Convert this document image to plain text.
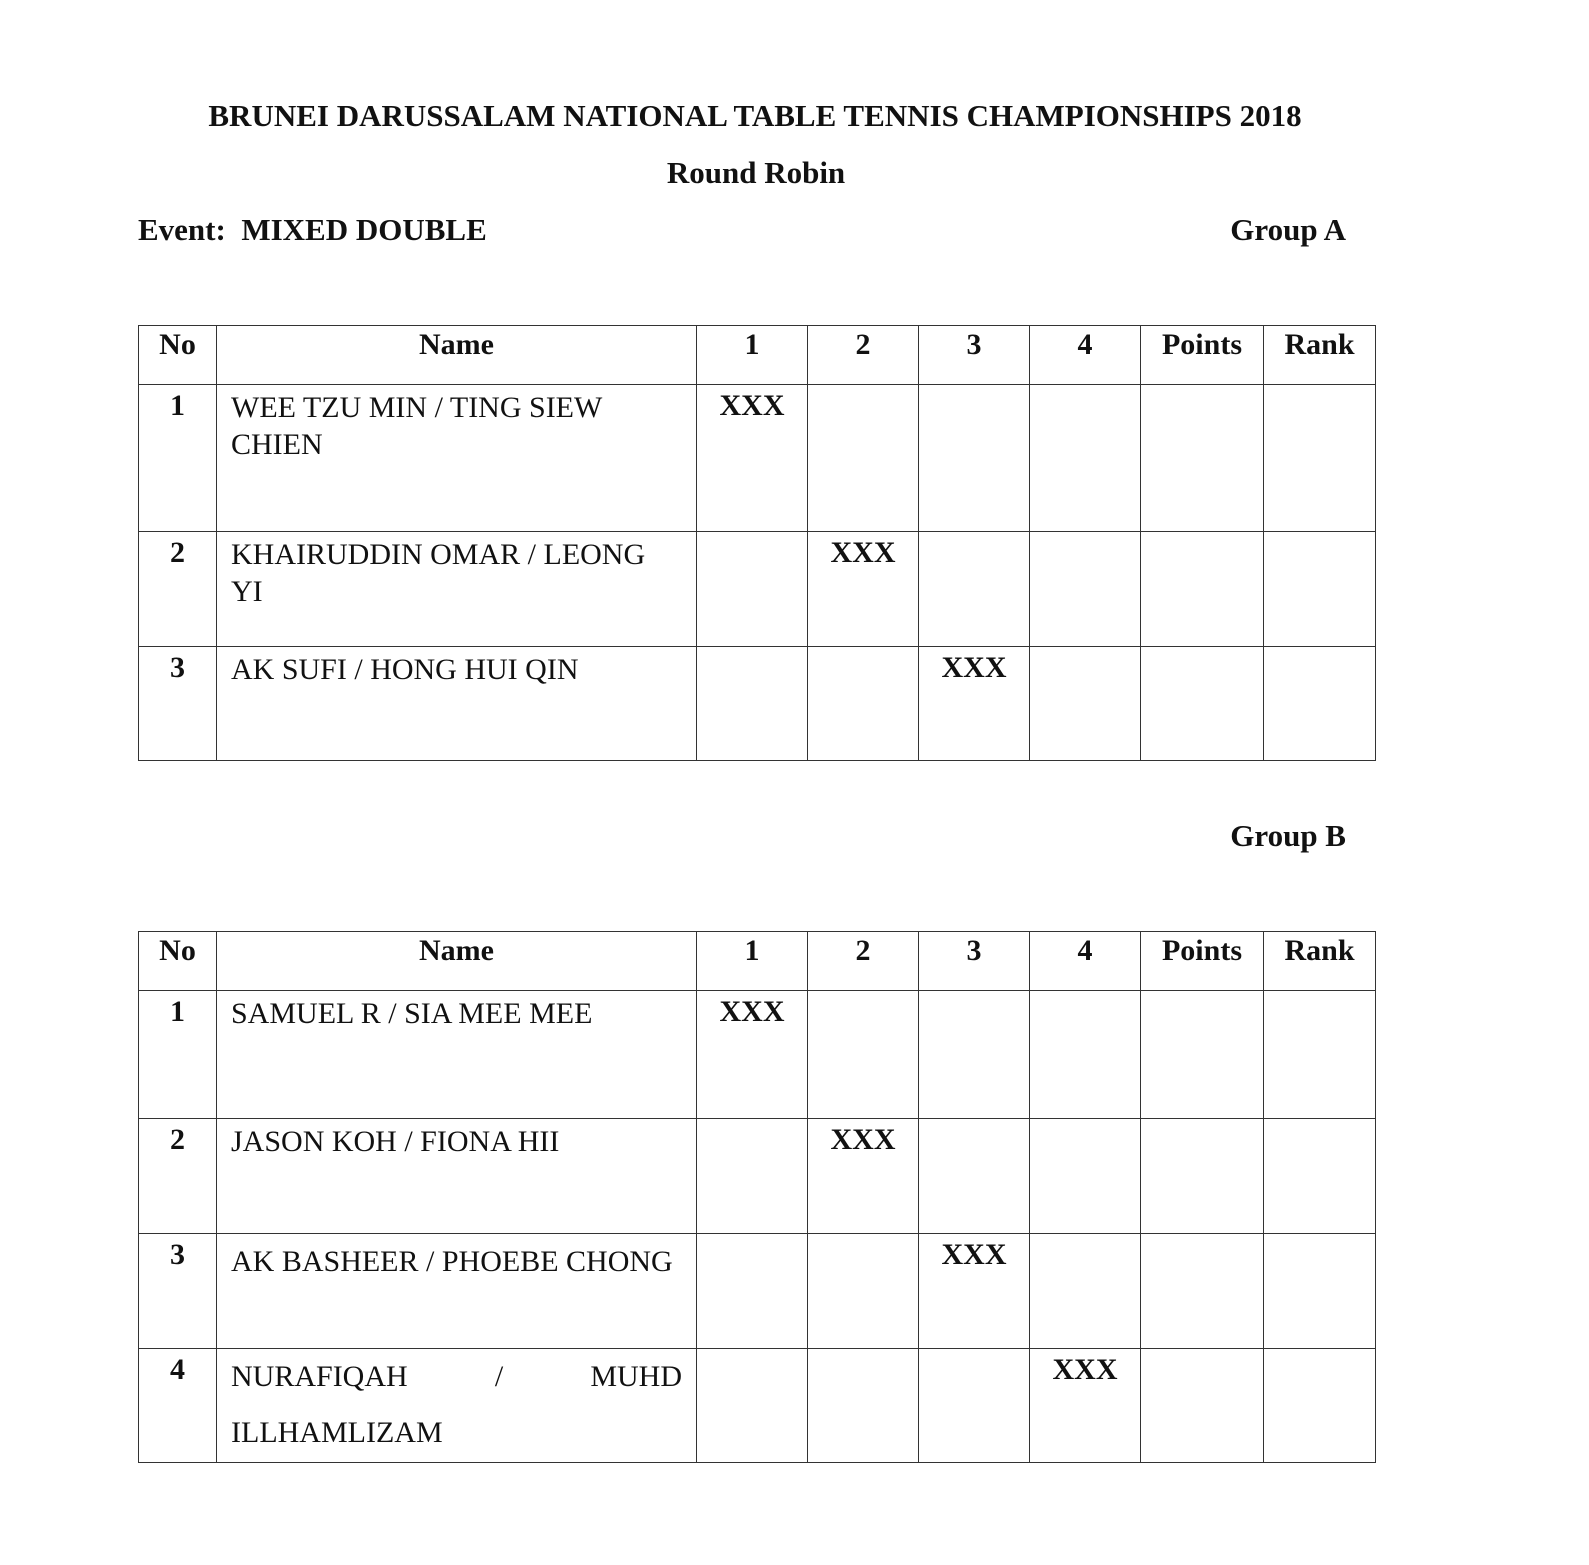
BRUNEI DARUSSALAM NATIONAL TABLE TENNIS CHAMPIONSHIPS 2018
Round Robin
Event:  MIXED DOUBLE	Group A
Group B
No	Name	1	2	3	4	Points	Rank
1	WEE TZU MIN / TING SIEW CHIEN	XXX					
2	KHAIRUDDIN OMAR / LEONG YI		XXX				
3	AK SUFI / HONG HUI QIN			XXX			
No	Name	1	2	3	4	Points	Rank
1	SAMUEL R / SIA MEE MEE	XXX					
2	JASON KOH / FIONA HII		XXX				
3	AK BASHEER / PHOEBE CHONG			XXX			
4	NURAFIQAH / MUHD ILLHAMLIZAM				XXX		
